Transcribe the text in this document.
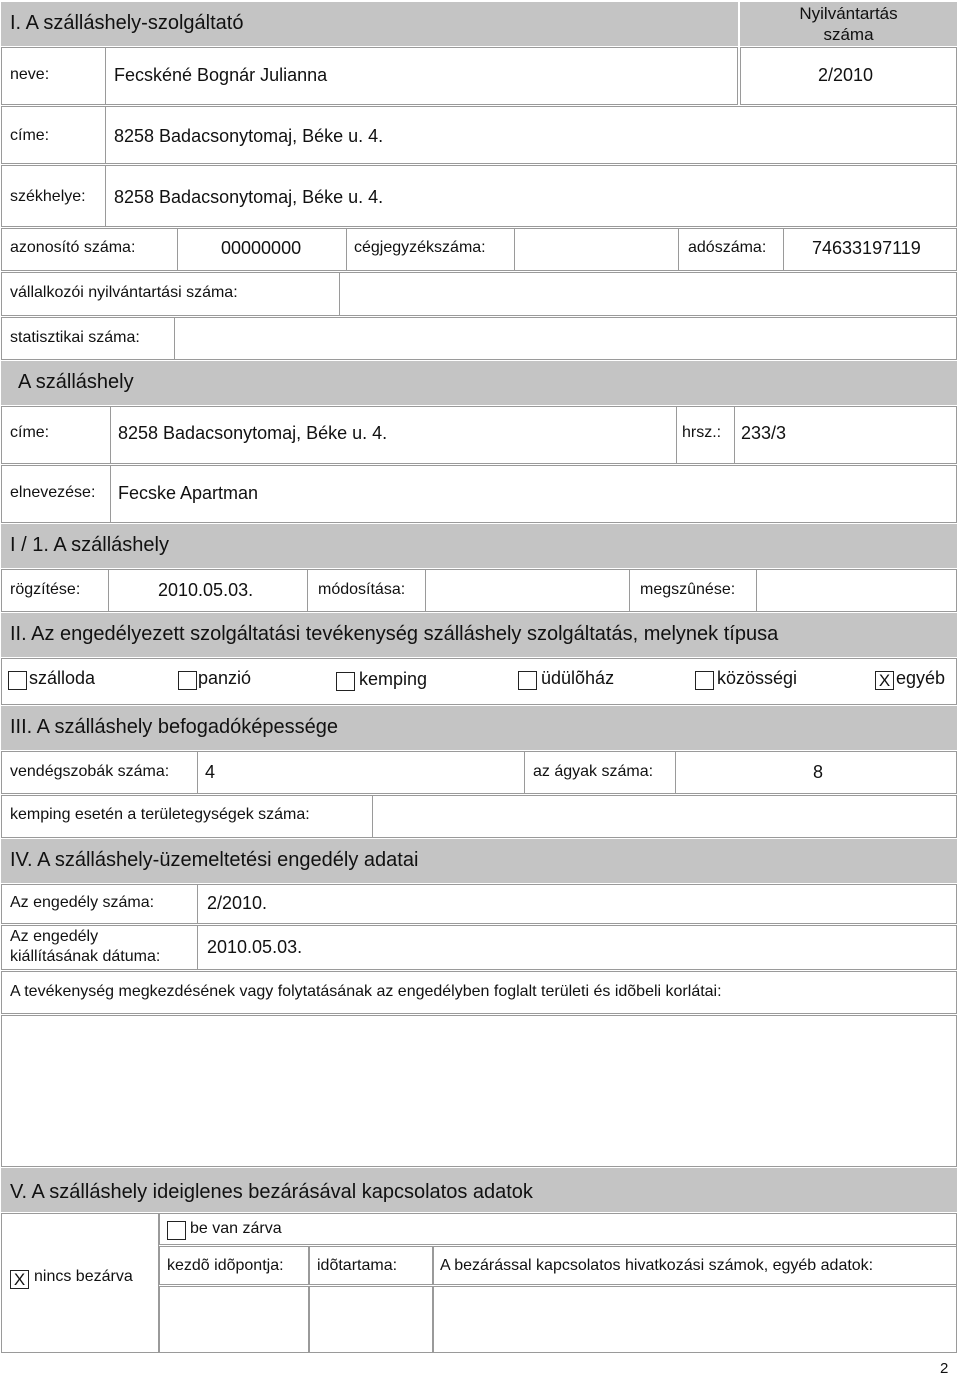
I. A szálláshely-szolgáltató	Nyilvántartás
száma
neve:	Fecskéné Bognár Julianna	2/2010
címe:	8258 Badacsonytomaj, Béke u. 4.
székhelye: 8258 Badacsonytomaj, Béke u. 4.
azonosító száma:	00000000	cégjegyzékszáma:	adószáma:	74633197119
vállalkozói nyilvántartási száma:
statisztikai száma:
A szálláshely
címe:	8258 Badacsonytomaj, Béke u. 4.	hrsz.: 233/3
elnevezése: Fecske Apartman
I / 1. A szálláshely
rögzítése:	2010.05.03.	módosítása:	megszûnése:
II. Az engedélyezett szolgáltatási tevékenység szálláshely szolgáltatás, melynek típusa
szálloda	panzió	kemping	üdülõház	közösségi	X egyéb
III. A szálláshely befogadóképessége
vendégszobák száma: 4	az ágyak száma:	8
kemping esetén a területegységek száma:
IV. A szálláshely-üzemeltetési engedély adatai
Az engedély száma:	2/2010.
Az engedély
kiállításának dátuma:	2010.05.03.
A tevékenység megkezdésének vagy folytatásának az engedélyben foglalt területi és idõbeli korlátai:
V. A szálláshely ideiglenes bezárásával kapcsolatos adatok
X nincs bezárva
be van zárva
kezdõ idõpontja: idõtartama:	A bezárással kapcsolatos hivatkozási számok, egyéb adatok:
2
